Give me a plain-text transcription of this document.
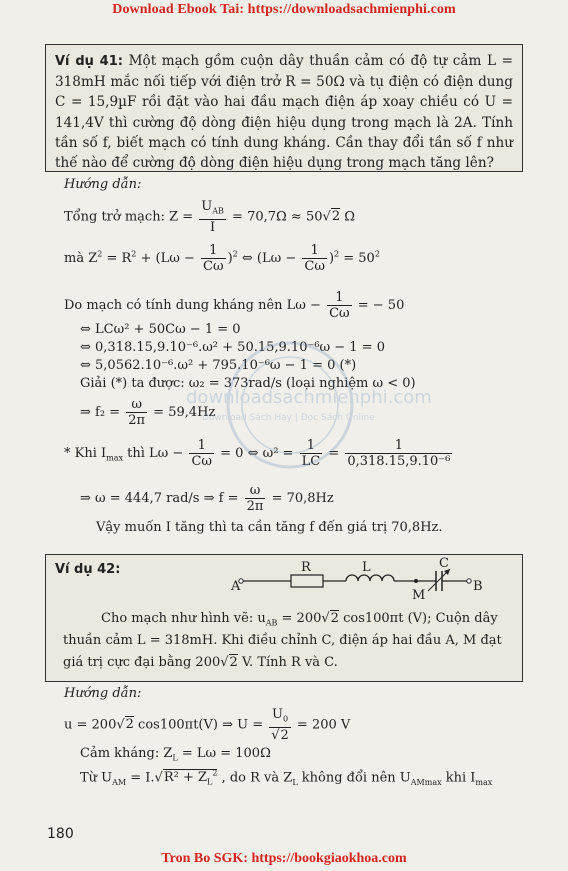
Download Ebook Tai: https://downloadsachmienphi.com
Ví dụ 41: Một mạch gồm cuộn dây thuần cảm có độ tự cảm L = 318mH mắc nối tiếp với điện trở R = 50Ω và tụ điện có điện dung C = 15,9µF rồi đặt vào hai đầu mạch điện áp xoay chiều có U = 141,4V thì cường độ dòng điện hiệu dụng trong mạch là 2A. Tính tần số f, biết mạch có tính dung kháng. Cần thay đổi tần số f như thế nào để cường độ dòng điện hiệu dụng trong mạch tăng lên?
Hướng dẫn:
Tổng trở mạch: $Z = \frac{U_{AB}}{I} = 70,7\Omega \approx 50√2$ Ω
mà $Z^2 = R^2 + (L\omega - \frac{1}{C\omega} )^2$ ⇔ $(L\omega - \frac{1}{C\omega} )^2 = 50^2$
Do mạch có tính dung kháng nên $L\omega - \frac{1}{C\omega}$ = − 50
⇔ LCω² + 50Cω − 1 = 0
⇔ 0,318.15,9.10⁻⁶.ω² + 50.15,9.10⁻⁶ω − 1 = 0
⇔ 5,0562.10⁻⁶.ω² + 795.10⁻⁶ω − 1 = 0 (*)
Giải (*) ta được: ω₂ = 373rad/s (loại nghiệm ω < 0)
⇒ $f_2 = \frac{\omega}{2\pi} = 59,4Hz$
* Khi $I_{max}$ thì $L\omega - \frac{1}{C\omega} = 0$ ⇔ $\omega^2 = \frac{1}{LC} = \frac{1}{\text{0,318.15,9.10⁻⁶}}$
⇒ ω = 444,7 rad/s ⇒ $f = \frac{\omega}{2\pi} = 70,8Hz$
Vậy muốn I tăng thì ta cần tăng f đến giá trị 70,8Hz.
downloadsachmienphi.com
Download Sách Hay | Đọc Sách Online
Ví dụ 42:
A
R	L	C
M
B
Cho mạch như hình vẽ: $u_{AB} = 200√2$ cos100πt (V); Cuộn dây
thuần cảm L = 318mH. Khi điều chỉnh C, điện áp hai đầu A, M đạt
giá trị cực đại bằng 200√2 V. Tính R và C.
Hướng dẫn:
u = 200√2 cos100πt(V) ⇒ $U = \frac{U_0}{√2} = 200$ V
Cảm kháng: $Z_L = L\omega = 100\Omega$
Từ $U_{AM} = I.√R^2 + Z_L^2$ , do R và $Z_L$ không đổi nên $U_{AMmax}$ khi $I_{max}$
180
Tron Bo SGK: https://bookgiaokhoa.com
